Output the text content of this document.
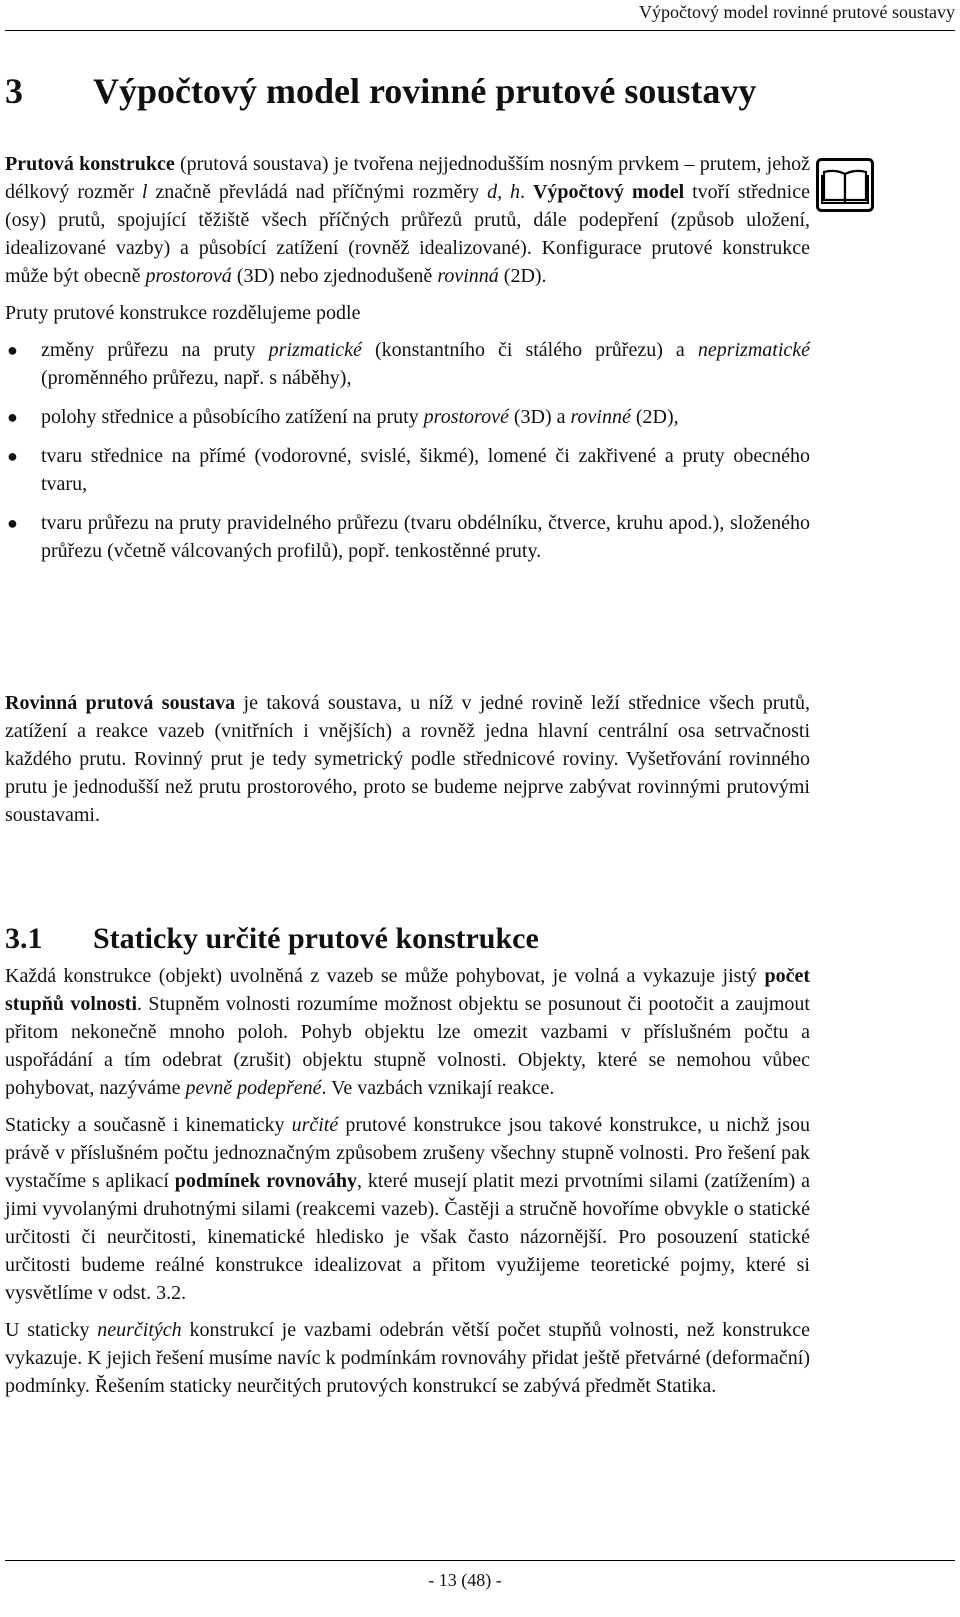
Výpočtový model rovinné prutové soustavy
3 Výpočtový model rovinné prutové soustavy

Prutová konstrukce (prutová soustava) je tvořena nejjednodušším nosným prvkem – prutem, jehož délkový rozměr l značně převládá nad příčnými rozměry d, h. Výpočtový model tvoří střednice (osy) prutů, spojující těžiště všech příčných průřezů prutů, dále podepření (způsob uložení, idealizované vazby) a působící zatížení (rovněž idealizované). Konfigurace prutové konstrukce může být obecně prostorová (3D) nebo zjednodušeně rovinná (2D).

Pruty prutové konstrukce rozdělujeme podle

● změny průřezu na pruty prizmatické (konstantního či stálého průřezu) a neprizmatické (proměnného průřezu, např. s náběhy),
● polohy střednice a působícího zatížení na pruty prostorové (3D) a rovinné (2D),
● tvaru střednice na přímé (vodorovné, svislé, šikmé), lomené či zakřivené a pruty obecného tvaru,
● tvaru průřezu na pruty pravidelného průřezu (tvaru obdélníku, čtverce, kruhu apod.), složeného průřezu (včetně válcovaných profilů), popř. tenkostěnné pruty.

Rovinná prutová soustava je taková soustava, u níž v jedné rovině leží střednice všech prutů, zatížení a reakce vazeb (vnitřních i vnějších) a rovněž jedna hlavní centrální osa setrvačnosti každého prutu. Rovinný prut je tedy symetrický podle střednicové roviny. Vyšetřování rovinného prutu je jednodušší než prutu prostorového, proto se budeme nejprve zabývat rovinnými prutovými soustavami.

3.1 Staticky určité prutové konstrukce

Každá konstrukce (objekt) uvolněná z vazeb se může pohybovat, je volná a vykazuje jistý počet stupňů volnosti. Stupněm volnosti rozumíme možnost objektu se posunout či pootočit a zaujmout přitom nekonečně mnoho poloh. Pohyb objektu lze omezit vazbami v příslušném počtu a uspořádání a tím odebrat (zrušit) objektu stupně volnosti. Objekty, které se nemohou vůbec pohybovat, nazýváme pevně podepřené. Ve vazbách vznikají reakce.

Staticky a současně i kinematicky určité prutové konstrukce jsou takové konstrukce, u nichž jsou právě v příslušném počtu jednoznačným způsobem zrušeny všechny stupně volnosti. Pro řešení pak vystačíme s aplikací podmínek rovnováhy, které musejí platit mezi prvotními silami (zatížením) a jimi vyvolanými druhotnými silami (reakcemi vazeb). Častěji a stručně hovoříme obvykle o statické určitosti či neurčitosti, kinematické hledisko je však často názornější. Pro posouzení statické určitosti budeme reálné konstrukce idealizovat a přitom využijeme teoretické pojmy, které si vysvětlíme v odst. 3.2.

U staticky neurčitých konstrukcí je vazbami odebrán větší počet stupňů volnosti, než konstrukce vykazuje. K jejich řešení musíme navíc k podmínkám rovnováhy přidat ještě přetvárné (deformační) podmínky. Řešením staticky neurčitých prutových konstrukcí se zabývá předmět Statika.

- 13 (48) -
